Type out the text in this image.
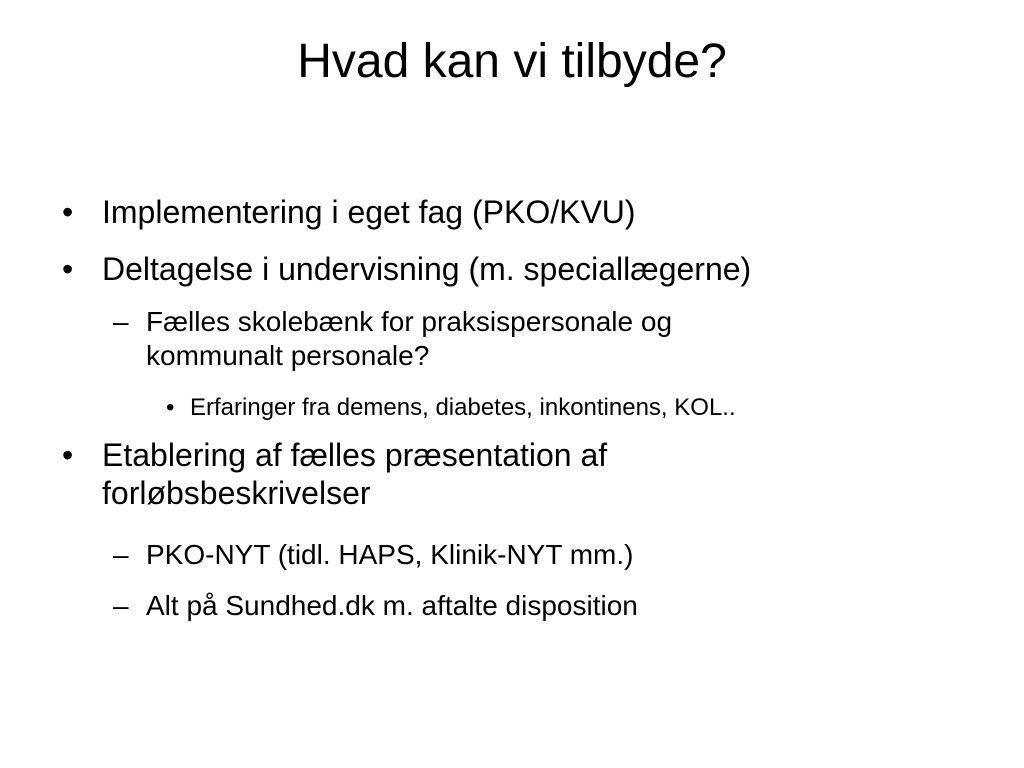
Hvad kan vi tilbyde?
• Implementering i eget fag (PKO/KVU)
• Deltagelse i undervisning (m. speciallægerne)
– Fælles skolebænk for praksispersonale og kommunalt personale?
• Erfaringer fra demens, diabetes, inkontinens, KOL..
• Etablering af fælles præsentation af forløbsbeskrivelser
– PKO-NYT (tidl. HAPS, Klinik-NYT mm.)
– Alt på Sundhed.dk m. aftalte disposition
